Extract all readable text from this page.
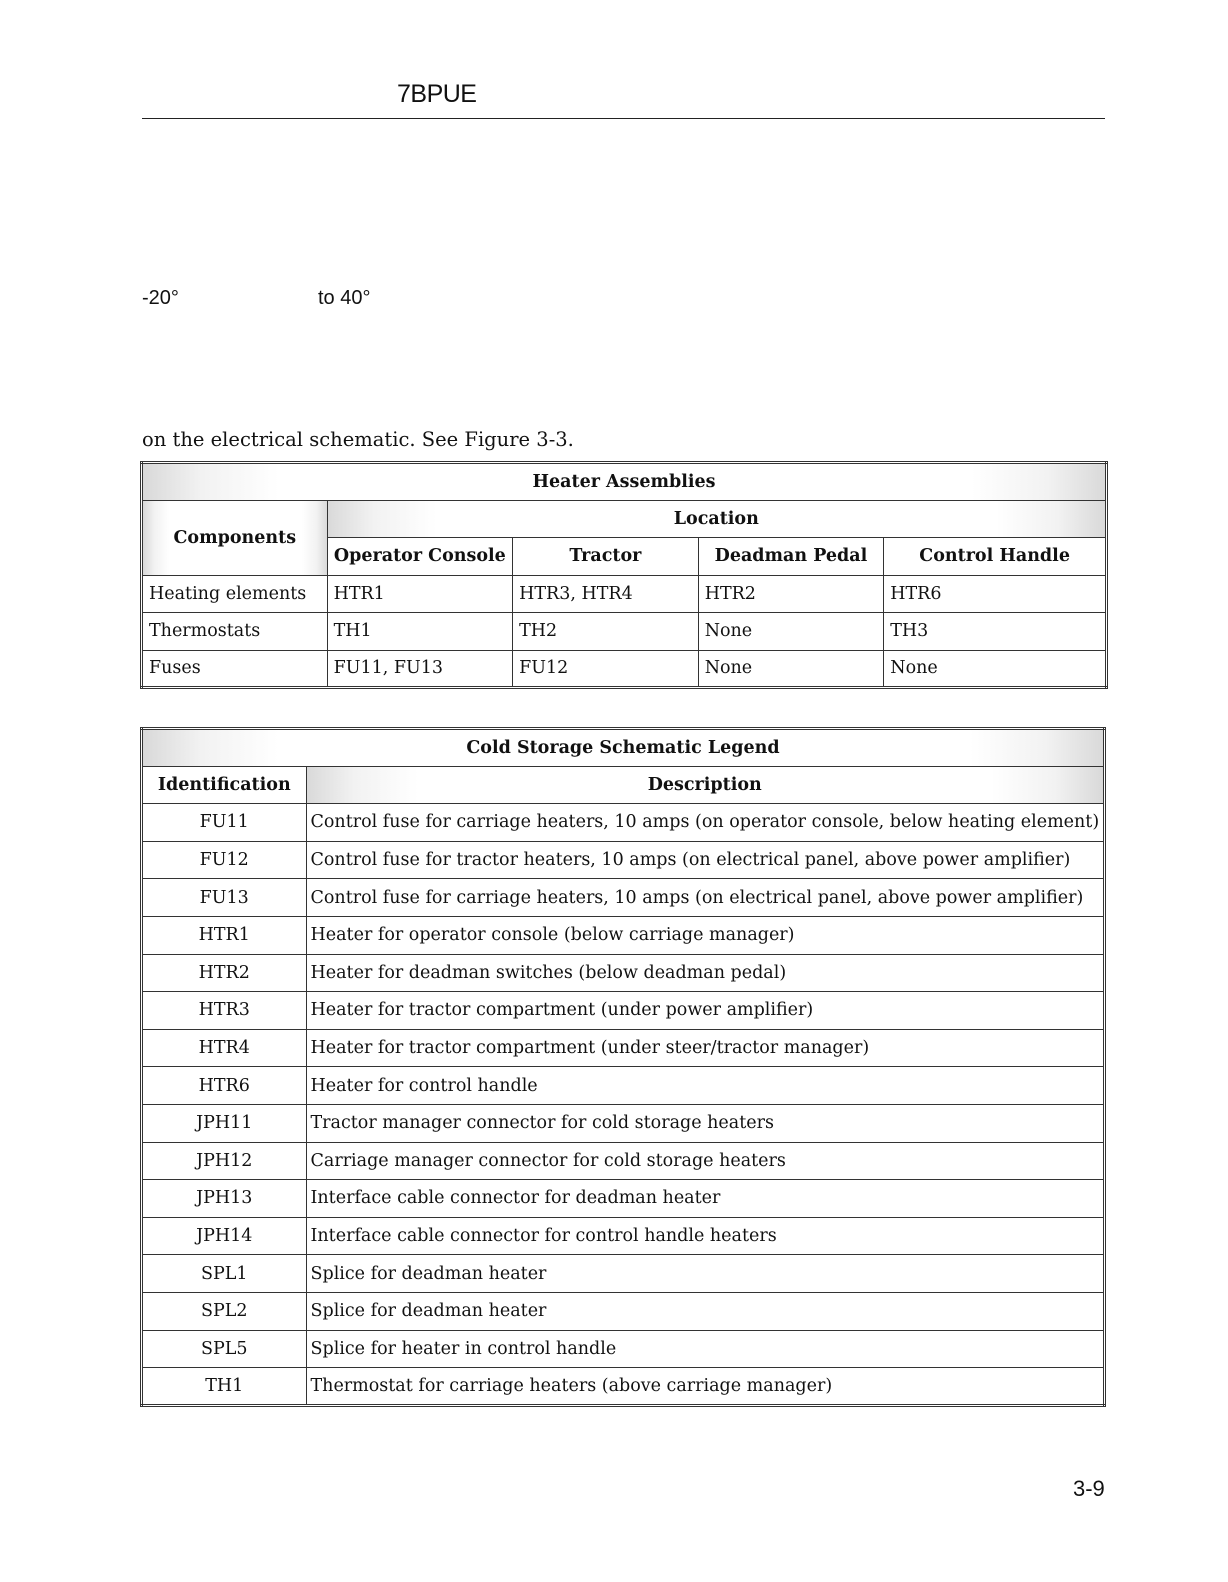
7BPUE
-20°	to 40°
on the electrical schematic. See Figure 3-3.
Heater Assemblies				
Components	Location			
	Operator Console	Tractor	Deadman Pedal	Control Handle
Heating elements	HTR1	HTR3, HTR4	HTR2	HTR6
Thermostats	TH1	TH2	None	TH3
Fuses	FU11, FU13	FU12	None	None
Cold Storage Schematic Legend	
Identification	Description
FU11	Control fuse for carriage heaters, 10 amps (on operator console, below heating element)
FU12	Control fuse for tractor heaters, 10 amps (on electrical panel, above power amplifier)
FU13	Control fuse for carriage heaters, 10 amps (on electrical panel, above power amplifier)
HTR1	Heater for operator console (below carriage manager)
HTR2	Heater for deadman switches (below deadman pedal)
HTR3	Heater for tractor compartment (under power amplifier)
HTR4	Heater for tractor compartment (under steer/tractor manager)
HTR6	Heater for control handle
JPH11	Tractor manager connector for cold storage heaters
JPH12	Carriage manager connector for cold storage heaters
JPH13	Interface cable connector for deadman heater
JPH14	Interface cable connector for control handle heaters
SPL1	Splice for deadman heater
SPL2	Splice for deadman heater
SPL5	Splice for heater in control handle
TH1	Thermostat for carriage heaters (above carriage manager)
3-9
